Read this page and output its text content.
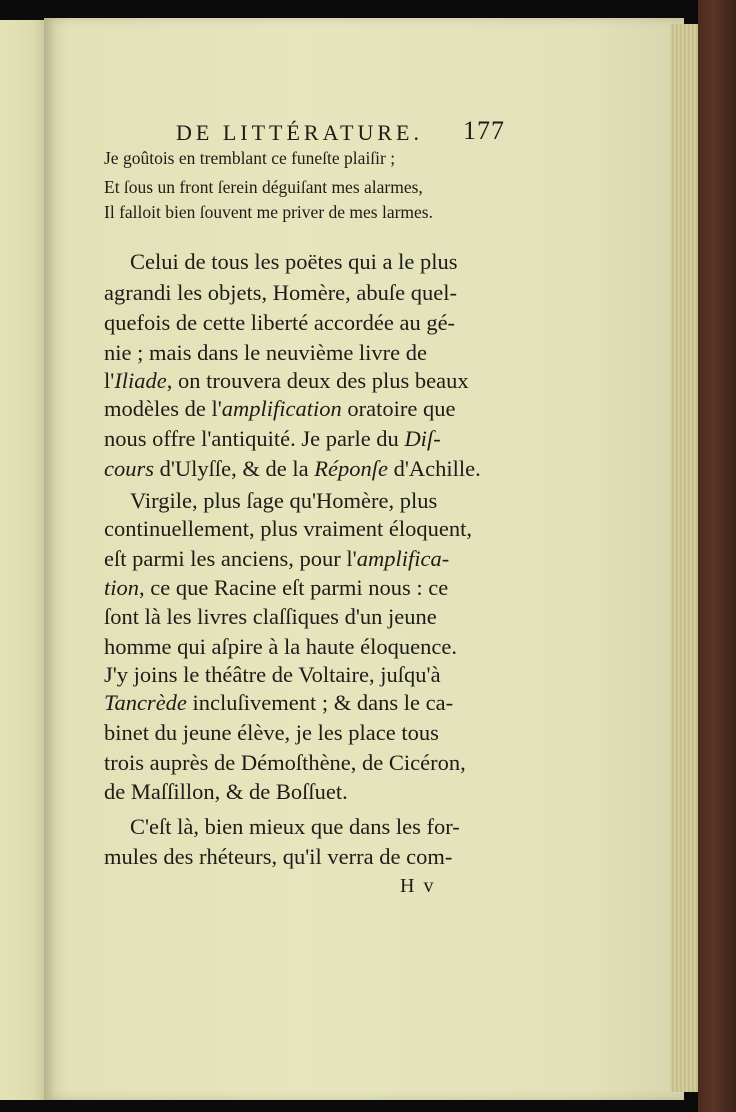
DE LITTÉRATURE. 177
Je goûtois en tremblant ce funeſte plaiſir ;
Et ſous un front ſerein déguiſant mes alarmes,
Il falloit bien ſouvent me priver de mes larmes.
Celui de tous les poëtes qui a le plus
agrandi les objets, Homère, abuſe quel-
quefois de cette liberté accordée au gé-
nie ; mais dans le neuvième livre de
l'Iliade, on trouvera deux des plus beaux
modèles de l'amplification oratoire que
nous offre l'antiquité. Je parle du Diſ-
cours d'Ulyſſe, & de la Réponſe d'Achille.
Virgile, plus ſage qu'Homère, plus
continuellement, plus vraiment éloquent,
eſt parmi les anciens, pour l'amplifica-
tion, ce que Racine eſt parmi nous : ce
ſont là les livres claſſiques d'un jeune
homme qui aſpire à la haute éloquence.
J'y joins le théâtre de Voltaire, juſqu'à
Tancrède incluſivement ; & dans le ca-
binet du jeune élève, je les place tous
trois auprès de Démoſthène, de Cicéron,
de Maſſillon, & de Boſſuet.
C'eſt là, bien mieux que dans les for-
mules des rhéteurs, qu'il verra de com-
H v
